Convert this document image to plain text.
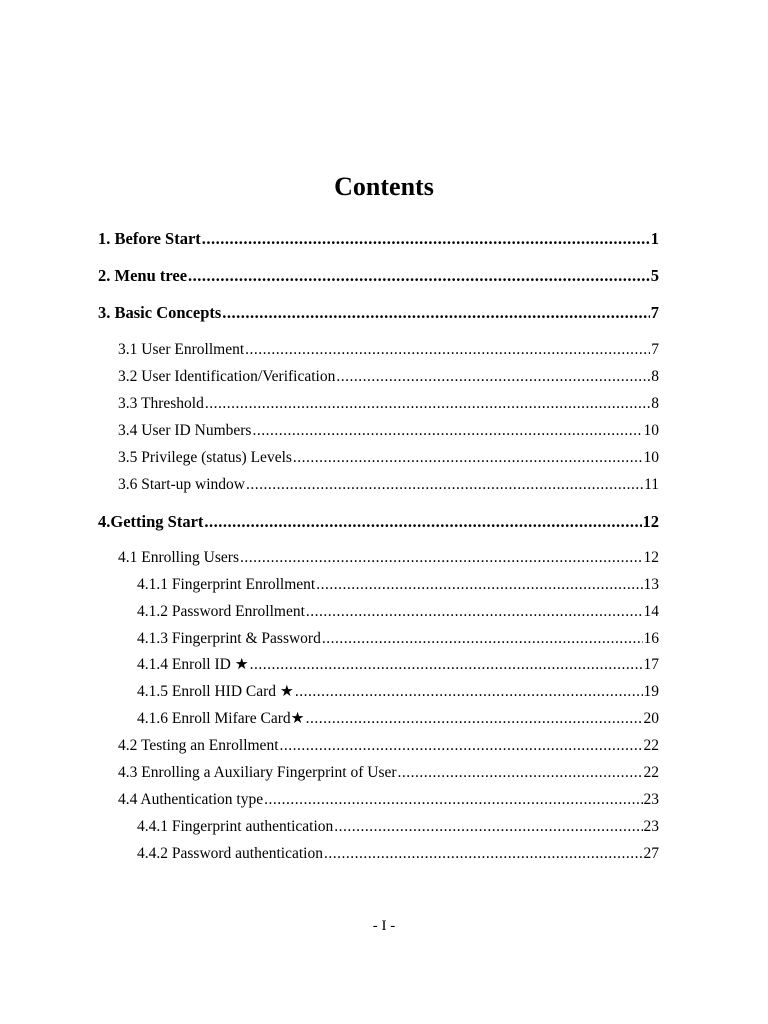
Contents
1. Before Start .....	1
2. Menu tree .....	5
3. Basic Concepts .....	7
3.1 User Enrollment .....	7
3.2 User Identification/Verification .....	8
3.3 Threshold .....	8
3.4 User ID Numbers .....	10
3.5 Privilege (status) Levels .....	10
3.6 Start-up window .....	11
4.Getting Start .....	12
4.1 Enrolling Users .....	12
4.1.1 Fingerprint Enrollment .....	13
4.1.2 Password Enrollment .....	14
4.1.3 Fingerprint & Password .....	16
4.1.4 Enroll ID ★ .....	17
4.1.5 Enroll HID Card ★ .....	19
4.1.6 Enroll Mifare Card★ .....	20
4.2 Testing an Enrollment .....	22
4.3 Enrolling a Auxiliary Fingerprint of User .....	22
4.4 Authentication type .....	23
4.4.1 Fingerprint authentication .....	23
4.4.2 Password authentication .....	27
- I -
